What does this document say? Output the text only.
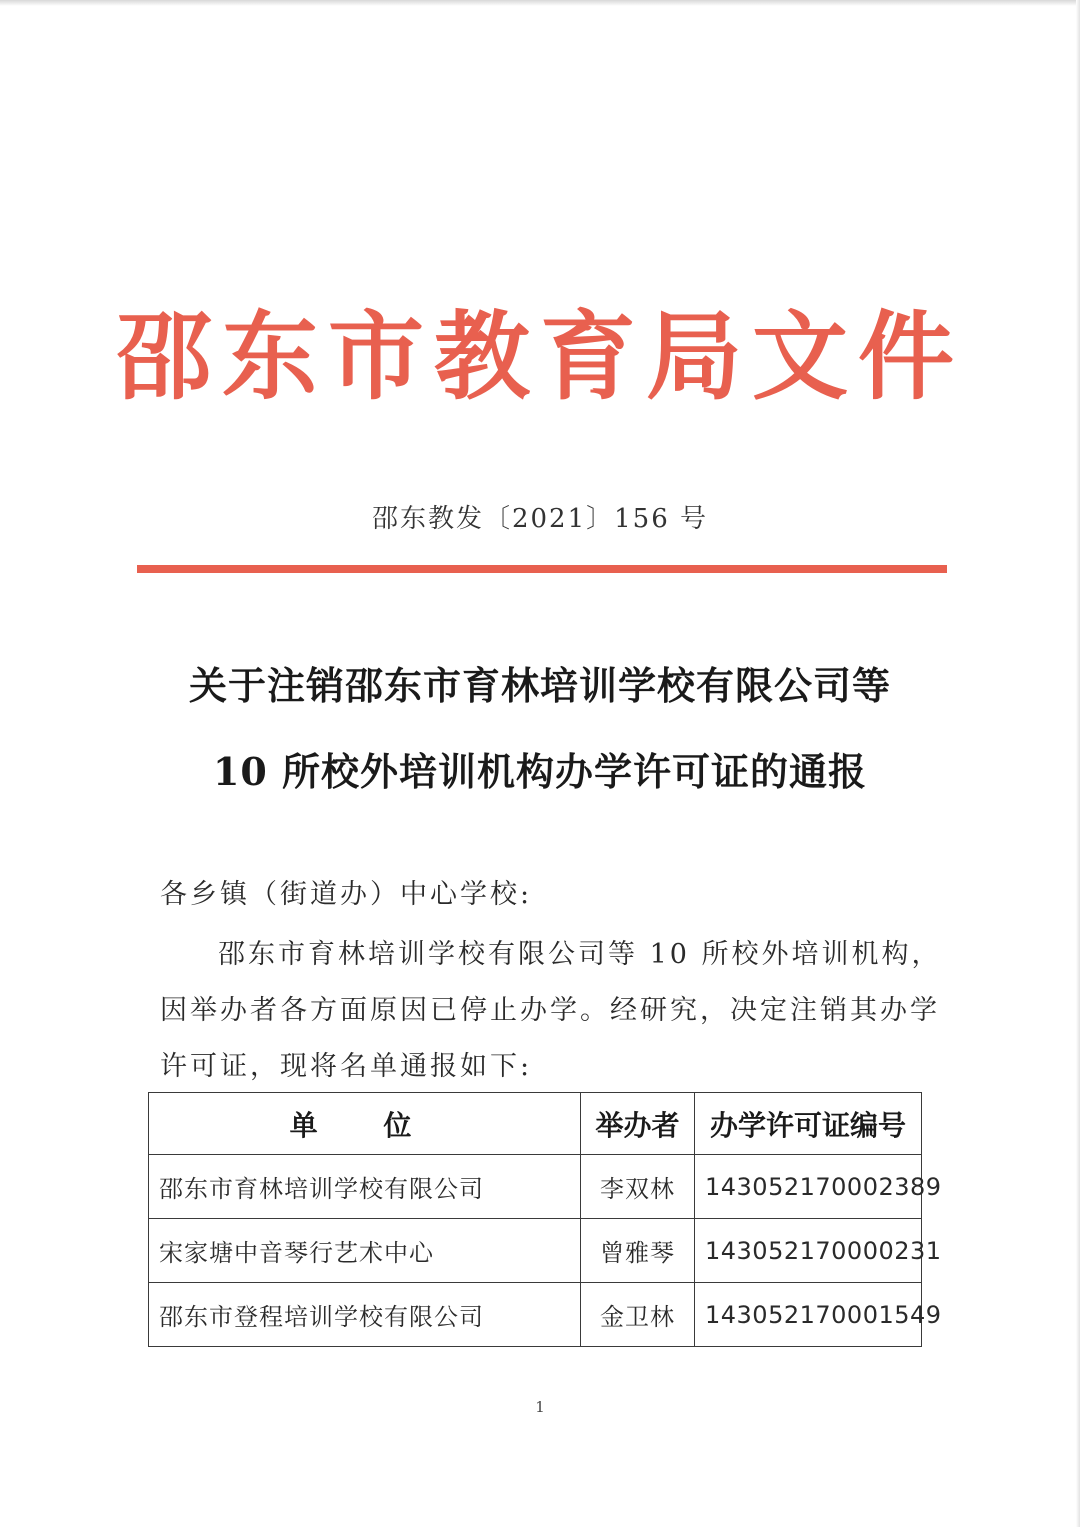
邵东市教育局文件
邵东教发〔2021〕156 号
关于注销邵东市育林培训学校有限公司等
10 所校外培训机构办学许可证的通报
各乡镇（街道办）中心学校:
邵东市育林培训学校有限公司等 10 所校外培训机构，
因举办者各方面原因已停止办学。经研究，决定注销其办学
许可证，现将名单通报如下:
单 位	举办者	办学许可证编号
邵东市育林培训学校有限公司	李双林	143052170002389
宋家塘中音琴行艺术中心	曾雅琴	143052170000231
邵东市登程培训学校有限公司	金卫林	143052170001549
1
